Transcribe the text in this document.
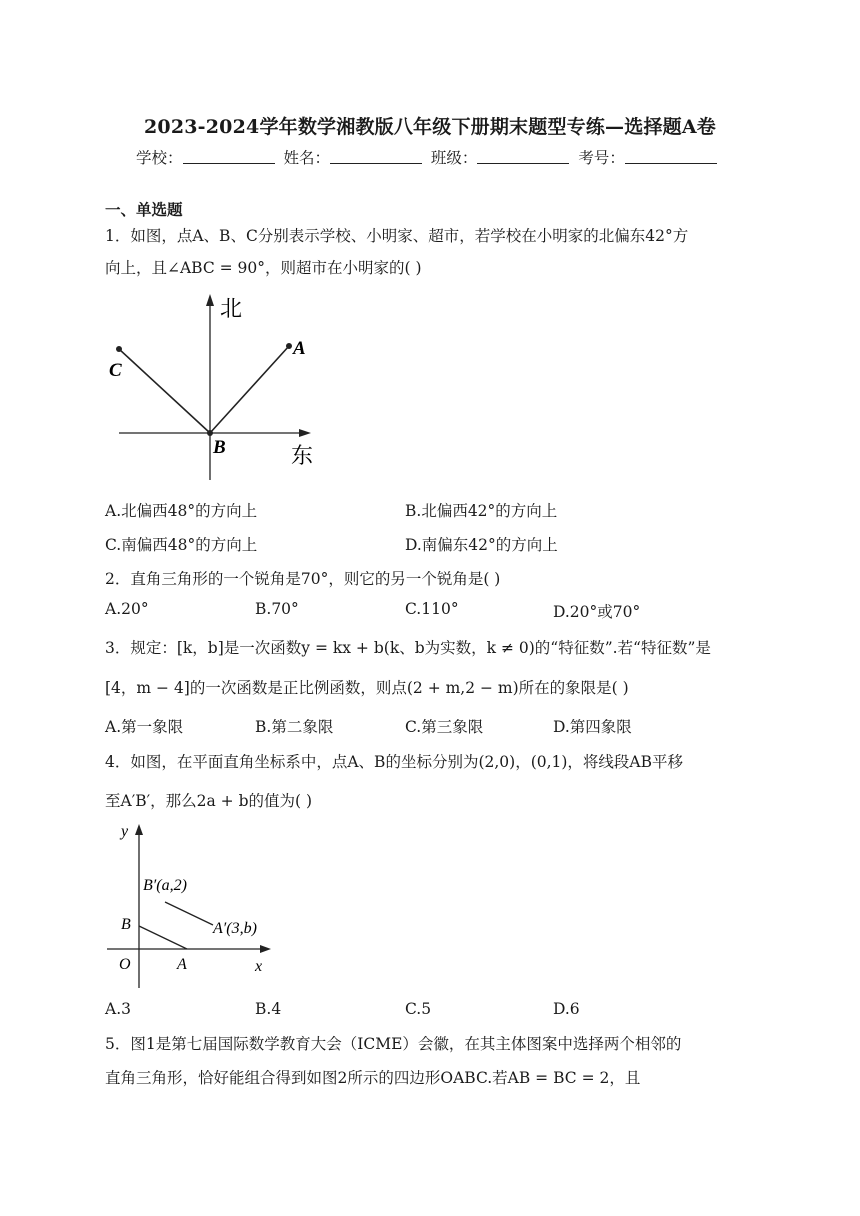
2023-2024学年数学湘教版八年级下册期末题型专练—选择题A卷
学校：	姓名：	班级：	考号：
一、单选题
1．如图，点A、B、C分别表示学校、小明家、超市，若学校在小明家的北偏东42°方
向上，且∠ABC = 90°，则超市在小明家的( )
北
东
A
B
C
A.北偏西48°的方向上	B.北偏西42°的方向上
C.南偏西48°的方向上	D.南偏东42°的方向上
2．直角三角形的一个锐角是70°，则它的另一个锐角是( )
A.20°	B.70°	C.110°	D.20°或70°
3．规定：[k，b]是一次函数y = kx + b(k、b为实数，k ≠ 0)的“特征数”.若“特征数”是
[4，m − 4]的一次函数是正比例函数，则点(2 + m,2 − m)所在的象限是( )
A.第一象限	B.第二象限	C.第三象限	D.第四象限
4．如图，在平面直角坐标系中，点A、B的坐标分别为(2,0)，(0,1)，将线段AB平移
至A′B′，那么2a + b的值为( )
y
x
O	A
B
B′(a,2)
A′(3,b)
A.3	B.4	C.5	D.6
5．图1是第七届国际数学教育大会（ICME）会徽，在其主体图案中选择两个相邻的
直角三角形，恰好能组合得到如图2所示的四边形OABC.若AB = BC = 2，且
